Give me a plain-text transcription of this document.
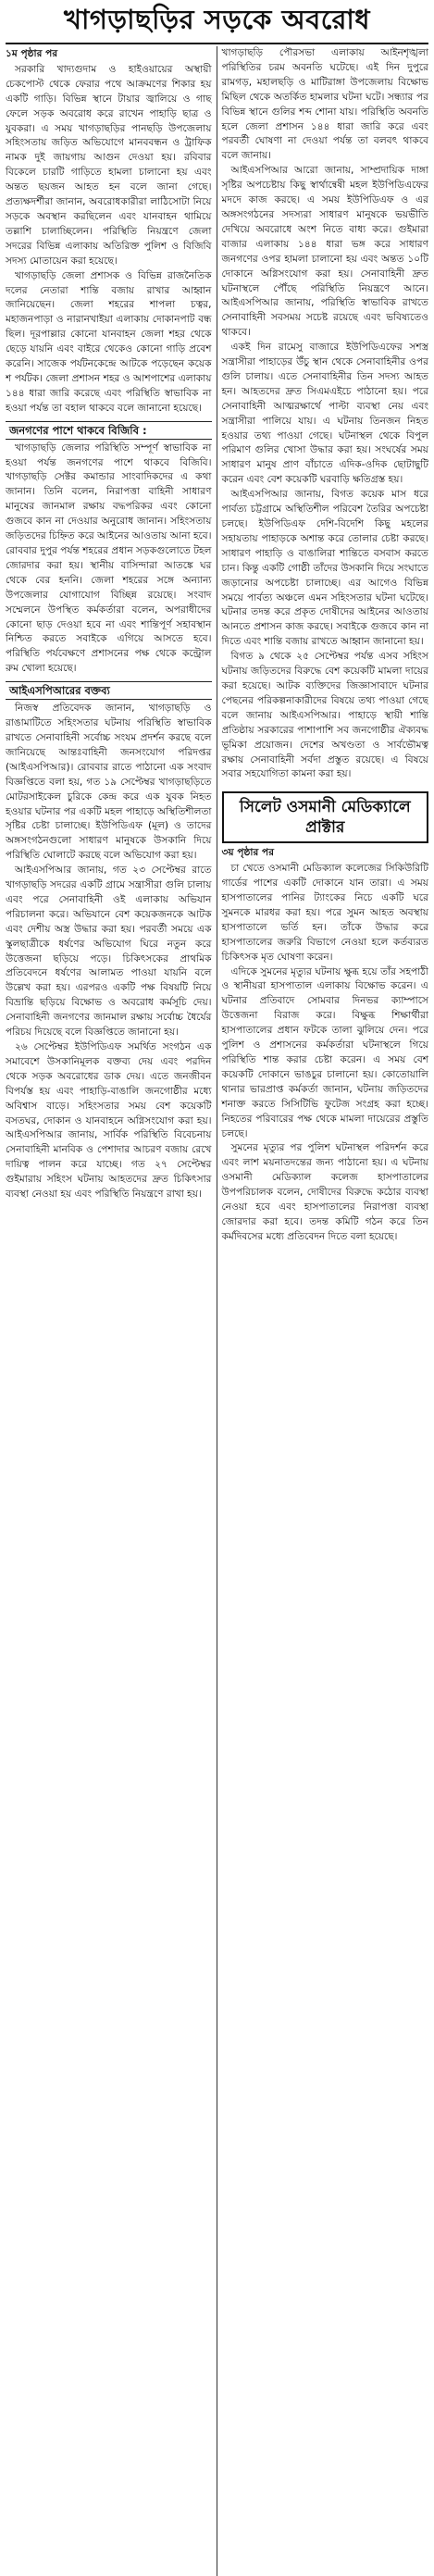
খাগড়াছড়ির সড়কে অবরোধ
১ম পৃষ্ঠার পর

সরকারি খাদ্যগুদাম ও হাইওয়ায়ের অস্থায়ী চেকপোস্ট থেকে ফেরার পথে আক্রমণের শিকার হয় একটি গাড়ি। বিভিন্ন স্থানে টায়ার জ্বালিয়ে ও গাছ ফেলে সড়ক অবরোধ করে রাখেন পাহাড়ি ছাত্র ও যুবকরা। এ সময় খাগড়াছড়ির পানছড়ি উপজেলায় সহিংসতায় জড়িত অভিযোগে মানববন্ধন ও ট্রাফিক নামক দুই জায়গায় আগুন দেওয়া হয়। রবিবার বিকেলে চারটি গাড়িতে হামলা চালানো হয় এবং অন্তত ছয়জন আহত হন বলে জানা গেছে। প্রত্যক্ষদর্শীরা জানান, অবরোধকারীরা লাঠিসোটা নিয়ে সড়কে অবস্থান করছিলেন এবং যানবাহন থামিয়ে তল্লাশি চালাচ্ছিলেন। পরিস্থিতি নিয়ন্ত্রণে জেলা সদরের বিভিন্ন এলাকায় অতিরিক্ত পুলিশ ও বিজিবি সদস্য মোতায়েন করা হয়েছে।

খাগড়াছড়ি জেলা প্রশাসক ও বিভিন্ন রাজনৈতিক দলের নেতারা শান্তি বজায় রাখার আহ্বান জানিয়েছেন। জেলা শহরের শাপলা চত্বর, মহাজনপাড়া ও নারানখাইয়া এলাকায় দোকানপাট বন্ধ ছিল। দূরপাল্লার কোনো যানবাহন জেলা শহর থেকে ছেড়ে যায়নি এবং বাইরে থেকেও কোনো গাড়ি প্রবেশ করেনি। সাজেক পর্যটনকেন্দ্রে আটকে পড়েছেন কয়েক শ পর্যটক। জেলা প্রশাসন শহর ও আশপাশের এলাকায় ১৪৪ ধারা জারি করেছে এবং পরিস্থিতি স্বাভাবিক না হওয়া পর্যন্ত তা বহাল থাকবে বলে জানানো হয়েছে।

জনগণের পাশে থাকবে বিজিবি :

খাগড়াছড়ি জেলার পরিস্থিতি সম্পূর্ণ স্বাভাবিক না হওয়া পর্যন্ত জনগণের পাশে থাকবে বিজিবি। খাগড়াছড়ি সেক্টর কমান্ডার সাংবাদিকদের এ কথা জানান। তিনি বলেন, নিরাপত্তা বাহিনী সাধারণ মানুষের জানমাল রক্ষায় বদ্ধপরিকর এবং কোনো গুজবে কান না দেওয়ার অনুরোধ জানান। সহিংসতায় জড়িতদের চিহ্নিত করে আইনের আওতায় আনা হবে। রোববার দুপুর পর্যন্ত শহরের প্রধান সড়কগুলোতে টহল জোরদার করা হয়। স্থানীয় বাসিন্দারা আতঙ্কে ঘর থেকে বের হননি। জেলা শহরের সঙ্গে অন্যান্য উপজেলার যোগাযোগ বিচ্ছিন্ন রয়েছে। সংবাদ সম্মেলনে উপস্থিত কর্মকর্তারা বলেন, অপরাধীদের কোনো ছাড় দেওয়া হবে না এবং শান্তিপূর্ণ সহাবস্থান নিশ্চিত করতে সবাইকে এগিয়ে আসতে হবে। পরিস্থিতি পর্যবেক্ষণে প্রশাসনের পক্ষ থেকে কন্ট্রোল রুম খোলা হয়েছে।

আইএসপিআরের বক্তব্য

নিজস্ব প্রতিবেদক জানান, খাগড়াছড়ি ও রাঙামাটিতে সহিংসতার ঘটনায় পরিস্থিতি স্বাভাবিক রাখতে সেনাবাহিনী সর্বোচ্চ সংযম প্রদর্শন করছে বলে জানিয়েছে আন্তঃবাহিনী জনসংযোগ পরিদপ্তর (আইএসপিআর)। রোববার রাতে পাঠানো এক সংবাদ বিজ্ঞপ্তিতে বলা হয়, গত ১৯ সেপ্টেম্বর খাগড়াছড়িতে মোটরসাইকেল চুরিকে কেন্দ্র করে এক যুবক নিহত হওয়ার ঘটনার পর একটি মহল পাহাড়ে অস্থিতিশীলতা সৃষ্টির চেষ্টা চালাচ্ছে। ইউপিডিএফ (মূল) ও তাদের অঙ্গসংগঠনগুলো সাধারণ মানুষকে উসকানি দিয়ে পরিস্থিতি ঘোলাটে করছে বলে অভিযোগ করা হয়।

আইএসপিআর জানায়, গত ২৩ সেপ্টেম্বর রাতে খাগড়াছড়ি সদরের একটি গ্রামে সন্ত্রাসীরা গুলি চালায় এবং পরে সেনাবাহিনী ওই এলাকায় অভিযান পরিচালনা করে। অভিযানে বেশ কয়েকজনকে আটক এবং দেশীয় অস্ত্র উদ্ধার করা হয়। পরবর্তী সময়ে এক স্কুলছাত্রীকে ধর্ষণের অভিযোগ ঘিরে নতুন করে উত্তেজনা ছড়িয়ে পড়ে। চিকিৎসকের প্রাথমিক প্রতিবেদনে ধর্ষণের আলামত পাওয়া যায়নি বলে উল্লেখ করা হয়। এরপরও একটি পক্ষ বিষয়টি নিয়ে বিভ্রান্তি ছড়িয়ে বিক্ষোভ ও অবরোধ কর্মসূচি দেয়। সেনাবাহিনী জনগণের জানমাল রক্ষায় সর্বোচ্চ ধৈর্যের পরিচয় দিয়েছে বলে বিজ্ঞপ্তিতে জানানো হয়।

২৬ সেপ্টেম্বর ইউপিডিএফ সমর্থিত সংগঠন এক সমাবেশে উসকানিমূলক বক্তব্য দেয় এবং পরদিন থেকে সড়ক অবরোধের ডাক দেয়। এতে জনজীবন বিপর্যস্ত হয় এবং পাহাড়ি-বাঙালি জনগোষ্ঠীর মধ্যে অবিশ্বাস বাড়ে। সহিংসতার সময় বেশ কয়েকটি বসতঘর, দোকান ও যানবাহনে অগ্নিসংযোগ করা হয়। আইএসপিআর জানায়, সার্বিক পরিস্থিতি বিবেচনায় সেনাবাহিনী মানবিক ও পেশাদার আচরণ বজায় রেখে দায়িত্ব পালন করে যাচ্ছে। গত ২৭ সেপ্টেম্বর গুইমারায় সহিংস ঘটনায় আহতদের দ্রুত চিকিৎসার ব্যবস্থা নেওয়া হয় এবং পরিস্থিতি নিয়ন্ত্রণে রাখা হয়।

খাগড়াছড়ি পৌরসভা এলাকায় আইনশৃঙ্খলা পরিস্থিতির চরম অবনতি ঘটেছে। এই দিন দুপুরে রামগড়, মহালছড়ি ও মাটিরাঙ্গা উপজেলায় বিক্ষোভ মিছিল থেকে অতর্কিত হামলার ঘটনা ঘটে। সন্ধ্যার পর বিভিন্ন স্থানে গুলির শব্দ শোনা যায়। পরিস্থিতি অবনতি হলে জেলা প্রশাসন ১৪৪ ধারা জারি করে এবং পরবর্তী ঘোষণা না দেওয়া পর্যন্ত তা বলবৎ থাকবে বলে জানায়।

আইএসপিআর আরো জানায়, সাম্প্রদায়িক দাঙ্গা সৃষ্টির অপচেষ্টায় কিছু স্বার্থান্বেষী মহল ইউপিডিএফের মদদে কাজ করছে। এ সময় ইউপিডিএফ ও এর অঙ্গসংগঠনের সদস্যরা সাধারণ মানুষকে ভয়ভীতি দেখিয়ে অবরোধে অংশ নিতে বাধ্য করে। গুইমারা বাজার এলাকায় ১৪৪ ধারা ভঙ্গ করে সাধারণ জনগণের ওপর হামলা চালানো হয় এবং অন্তত ১০টি দোকানে অগ্নিসংযোগ করা হয়। সেনাবাহিনী দ্রুত ঘটনাস্থলে পৌঁছে পরিস্থিতি নিয়ন্ত্রণে আনে। আইএসপিআর জানায়, পরিস্থিতি স্বাভাবিক রাখতে সেনাবাহিনী সবসময় সচেষ্ট রয়েছে এবং ভবিষ্যতেও থাকবে।

একই দিন রামেসু বাজারে ইউপিডিএফের সশস্ত্র সন্ত্রাসীরা পাহাড়ের উঁচু স্থান থেকে সেনাবাহিনীর ওপর গুলি চালায়। এতে সেনাবাহিনীর তিন সদস্য আহত হন। আহতদের দ্রুত সিএমএইচে পাঠানো হয়। পরে সেনাবাহিনী আত্মরক্ষার্থে পাল্টা ব্যবস্থা নেয় এবং সন্ত্রাসীরা পালিয়ে যায়। এ ঘটনায় তিনজন নিহত হওয়ার তথ্য পাওয়া গেছে। ঘটনাস্থল থেকে বিপুল পরিমাণ গুলির খোসা উদ্ধার করা হয়। সংঘর্ষের সময় সাধারণ মানুষ প্রাণ বাঁচাতে এদিক-ওদিক ছোটাছুটি করেন এবং বেশ কয়েকটি ঘরবাড়ি ক্ষতিগ্রস্ত হয়।

আইএসপিআর জানায়, বিগত কয়েক মাস ধরে পার্বত্য চট্টগ্রামে অস্থিতিশীল পরিবেশ তৈরির অপচেষ্টা চলছে। ইউপিডিএফ দেশি-বিদেশি কিছু মহলের সহায়তায় পাহাড়কে অশান্ত করে তোলার চেষ্টা করছে। সাধারণ পাহাড়ি ও বাঙালিরা শান্তিতে বসবাস করতে চান। কিন্তু একটি গোষ্ঠী তাঁদের উসকানি দিয়ে সংঘাতে জড়ানোর অপচেষ্টা চালাচ্ছে। এর আগেও বিভিন্ন সময়ে পার্বত্য অঞ্চলে এমন সহিংসতার ঘটনা ঘটেছে। ঘটনার তদন্ত করে প্রকৃত দোষীদের আইনের আওতায় আনতে প্রশাসন কাজ করছে। সবাইকে গুজবে কান না দিতে এবং শান্তি বজায় রাখতে আহ্বান জানানো হয়।

বিগত ৯ থেকে ২৫ সেপ্টেম্বর পর্যন্ত এসব সহিংস ঘটনায় জড়িতদের বিরুদ্ধে বেশ কয়েকটি মামলা দায়ের করা হয়েছে। আটক ব্যক্তিদের জিজ্ঞাসাবাদে ঘটনার পেছনের পরিকল্পনাকারীদের বিষয়ে তথ্য পাওয়া গেছে বলে জানায় আইএসপিআর। পাহাড়ে স্থায়ী শান্তি প্রতিষ্ঠায় সরকারের পাশাপাশি সব জনগোষ্ঠীর ঐক্যবদ্ধ ভূমিকা প্রয়োজন। দেশের অখণ্ডতা ও সার্বভৌমত্ব রক্ষায় সেনাবাহিনী সর্বদা প্রস্তুত রয়েছে। এ বিষয়ে সবার সহযোগিতা কামনা করা হয়।

সিলেট ওসমানী মেডিক্যালে প্রাক্টার
৩য় পৃষ্ঠার পর

চা খেতে ওসমানী মেডিক্যাল কলেজের সিকিউরিটি গার্ডের পাশের একটি দোকানে যান তারা। এ সময় হাসপাতালের পানির ট্যাংকের নিচে একটি ঘরে সুমনকে মারধর করা হয়। পরে সুমন আহত অবস্থায় হাসপাতালে ভর্তি হন। তাঁকে উদ্ধার করে হাসপাতালের জরুরি বিভাগে নেওয়া হলে কর্তব্যরত চিকিৎসক মৃত ঘোষণা করেন।

এদিকে সুমনের মৃত্যুর ঘটনায় ক্ষুব্ধ হয়ে তাঁর সহপাঠী ও স্থানীয়রা হাসপাতাল এলাকায় বিক্ষোভ করেন। এ ঘটনার প্রতিবাদে সোমবার দিনভর ক্যাম্পাসে উত্তেজনা বিরাজ করে। বিক্ষুব্ধ শিক্ষার্থীরা হাসপাতালের প্রধান ফটকে তালা ঝুলিয়ে দেন। পরে পুলিশ ও প্রশাসনের কর্মকর্তারা ঘটনাস্থলে গিয়ে পরিস্থিতি শান্ত করার চেষ্টা করেন। এ সময় বেশ কয়েকটি দোকানে ভাঙচুর চালানো হয়। কোতোয়ালি থানার ভারপ্রাপ্ত কর্মকর্তা জানান, ঘটনায় জড়িতদের শনাক্ত করতে সিসিটিভি ফুটেজ সংগ্রহ করা হচ্ছে। নিহতের পরিবারের পক্ষ থেকে মামলা দায়েরের প্রস্তুতি চলছে।

সুমনের মৃত্যুর পর পুলিশ ঘটনাস্থল পরিদর্শন করে এবং লাশ ময়নাতদন্তের জন্য পাঠানো হয়। এ ঘটনায় ওসমানী মেডিক্যাল কলেজ হাসপাতালের উপপরিচালক বলেন, দোষীদের বিরুদ্ধে কঠোর ব্যবস্থা নেওয়া হবে এবং হাসপাতালের নিরাপত্তা ব্যবস্থা জোরদার করা হবে। তদন্ত কমিটি গঠন করে তিন কর্মদিবসের মধ্যে প্রতিবেদন দিতে বলা হয়েছে।
